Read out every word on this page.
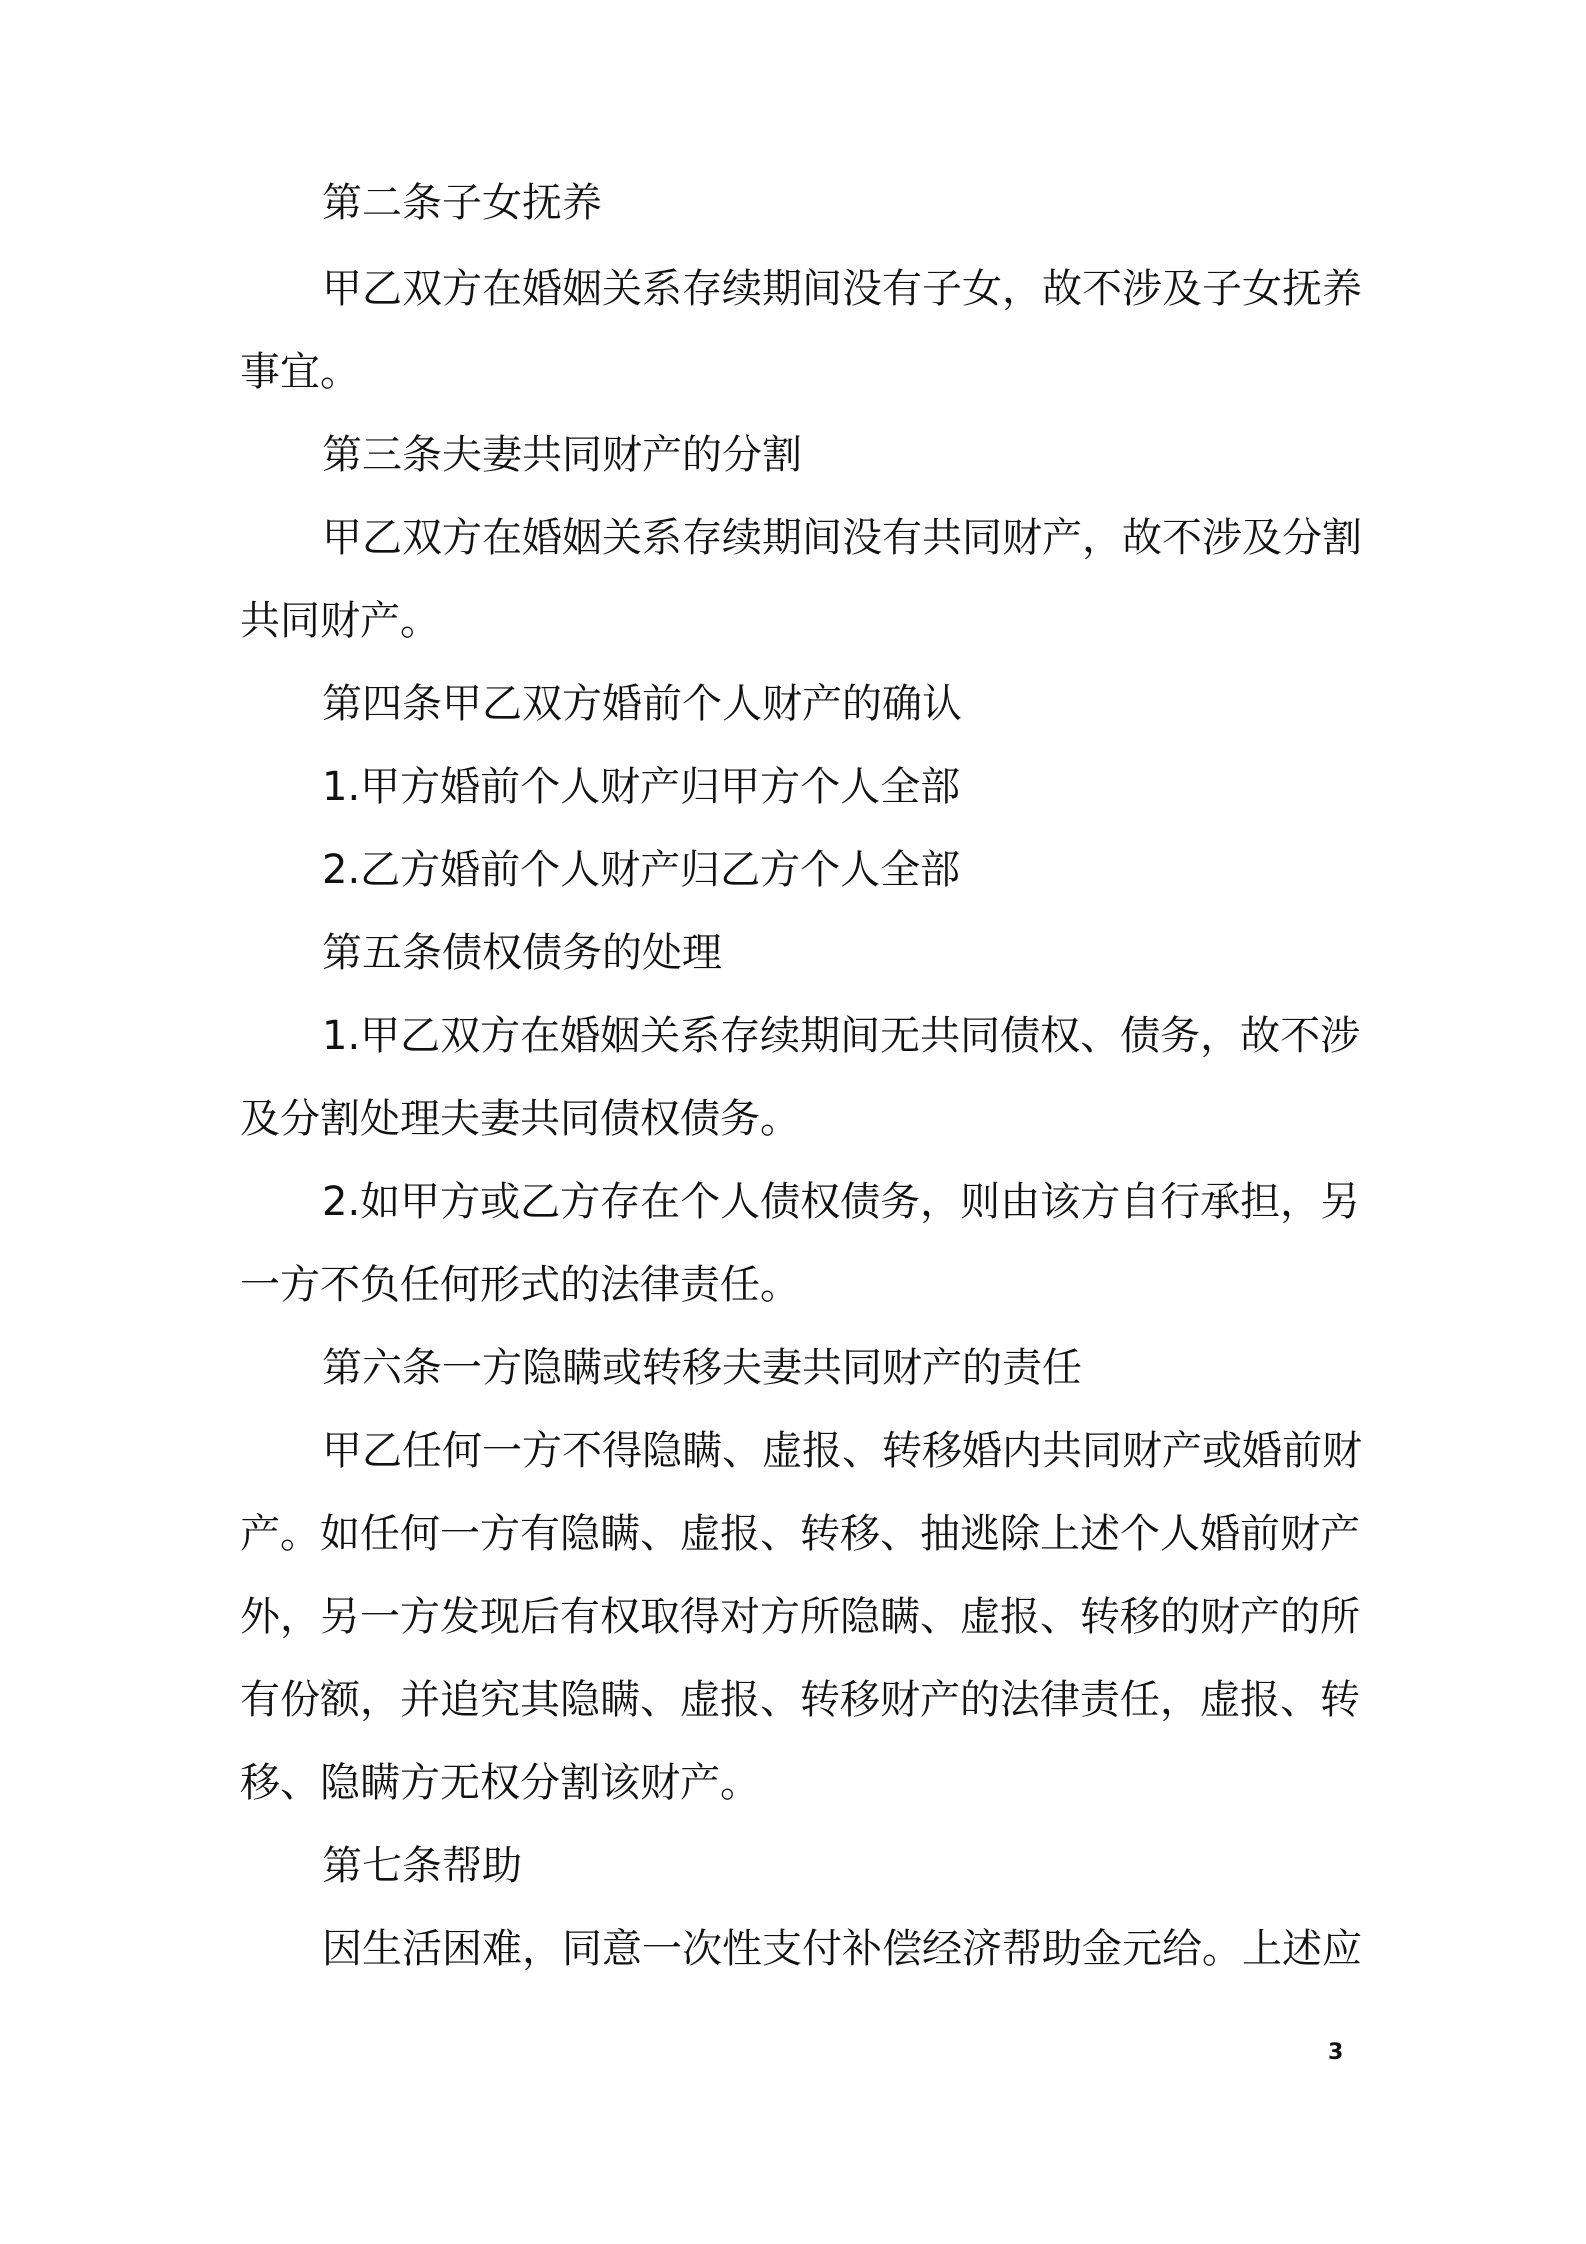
第二条子女抚养
甲乙双方在婚姻关系存续期间没有子女，故不涉及子女抚养
事宜。
第三条夫妻共同财产的分割
甲乙双方在婚姻关系存续期间没有共同财产，故不涉及分割
共同财产。
第四条甲乙双方婚前个人财产的确认
1.甲方婚前个人财产归甲方个人全部
2.乙方婚前个人财产归乙方个人全部
第五条债权债务的处理
1.甲乙双方在婚姻关系存续期间无共同债权、债务，故不涉
及分割处理夫妻共同债权债务。
2.如甲方或乙方存在个人债权债务，则由该方自行承担，另
一方不负任何形式的法律责任。
第六条一方隐瞒或转移夫妻共同财产的责任
甲乙任何一方不得隐瞒、虚报、转移婚内共同财产或婚前财
产。如任何一方有隐瞒、虚报、转移、抽逃除上述个人婚前财产
外，另一方发现后有权取得对方所隐瞒、虚报、转移的财产的所
有份额，并追究其隐瞒、虚报、转移财产的法律责任，虚报、转
移、隐瞒方无权分割该财产。
第七条帮助
因生活困难，同意一次性支付补偿经济帮助金元给。上述应
3
